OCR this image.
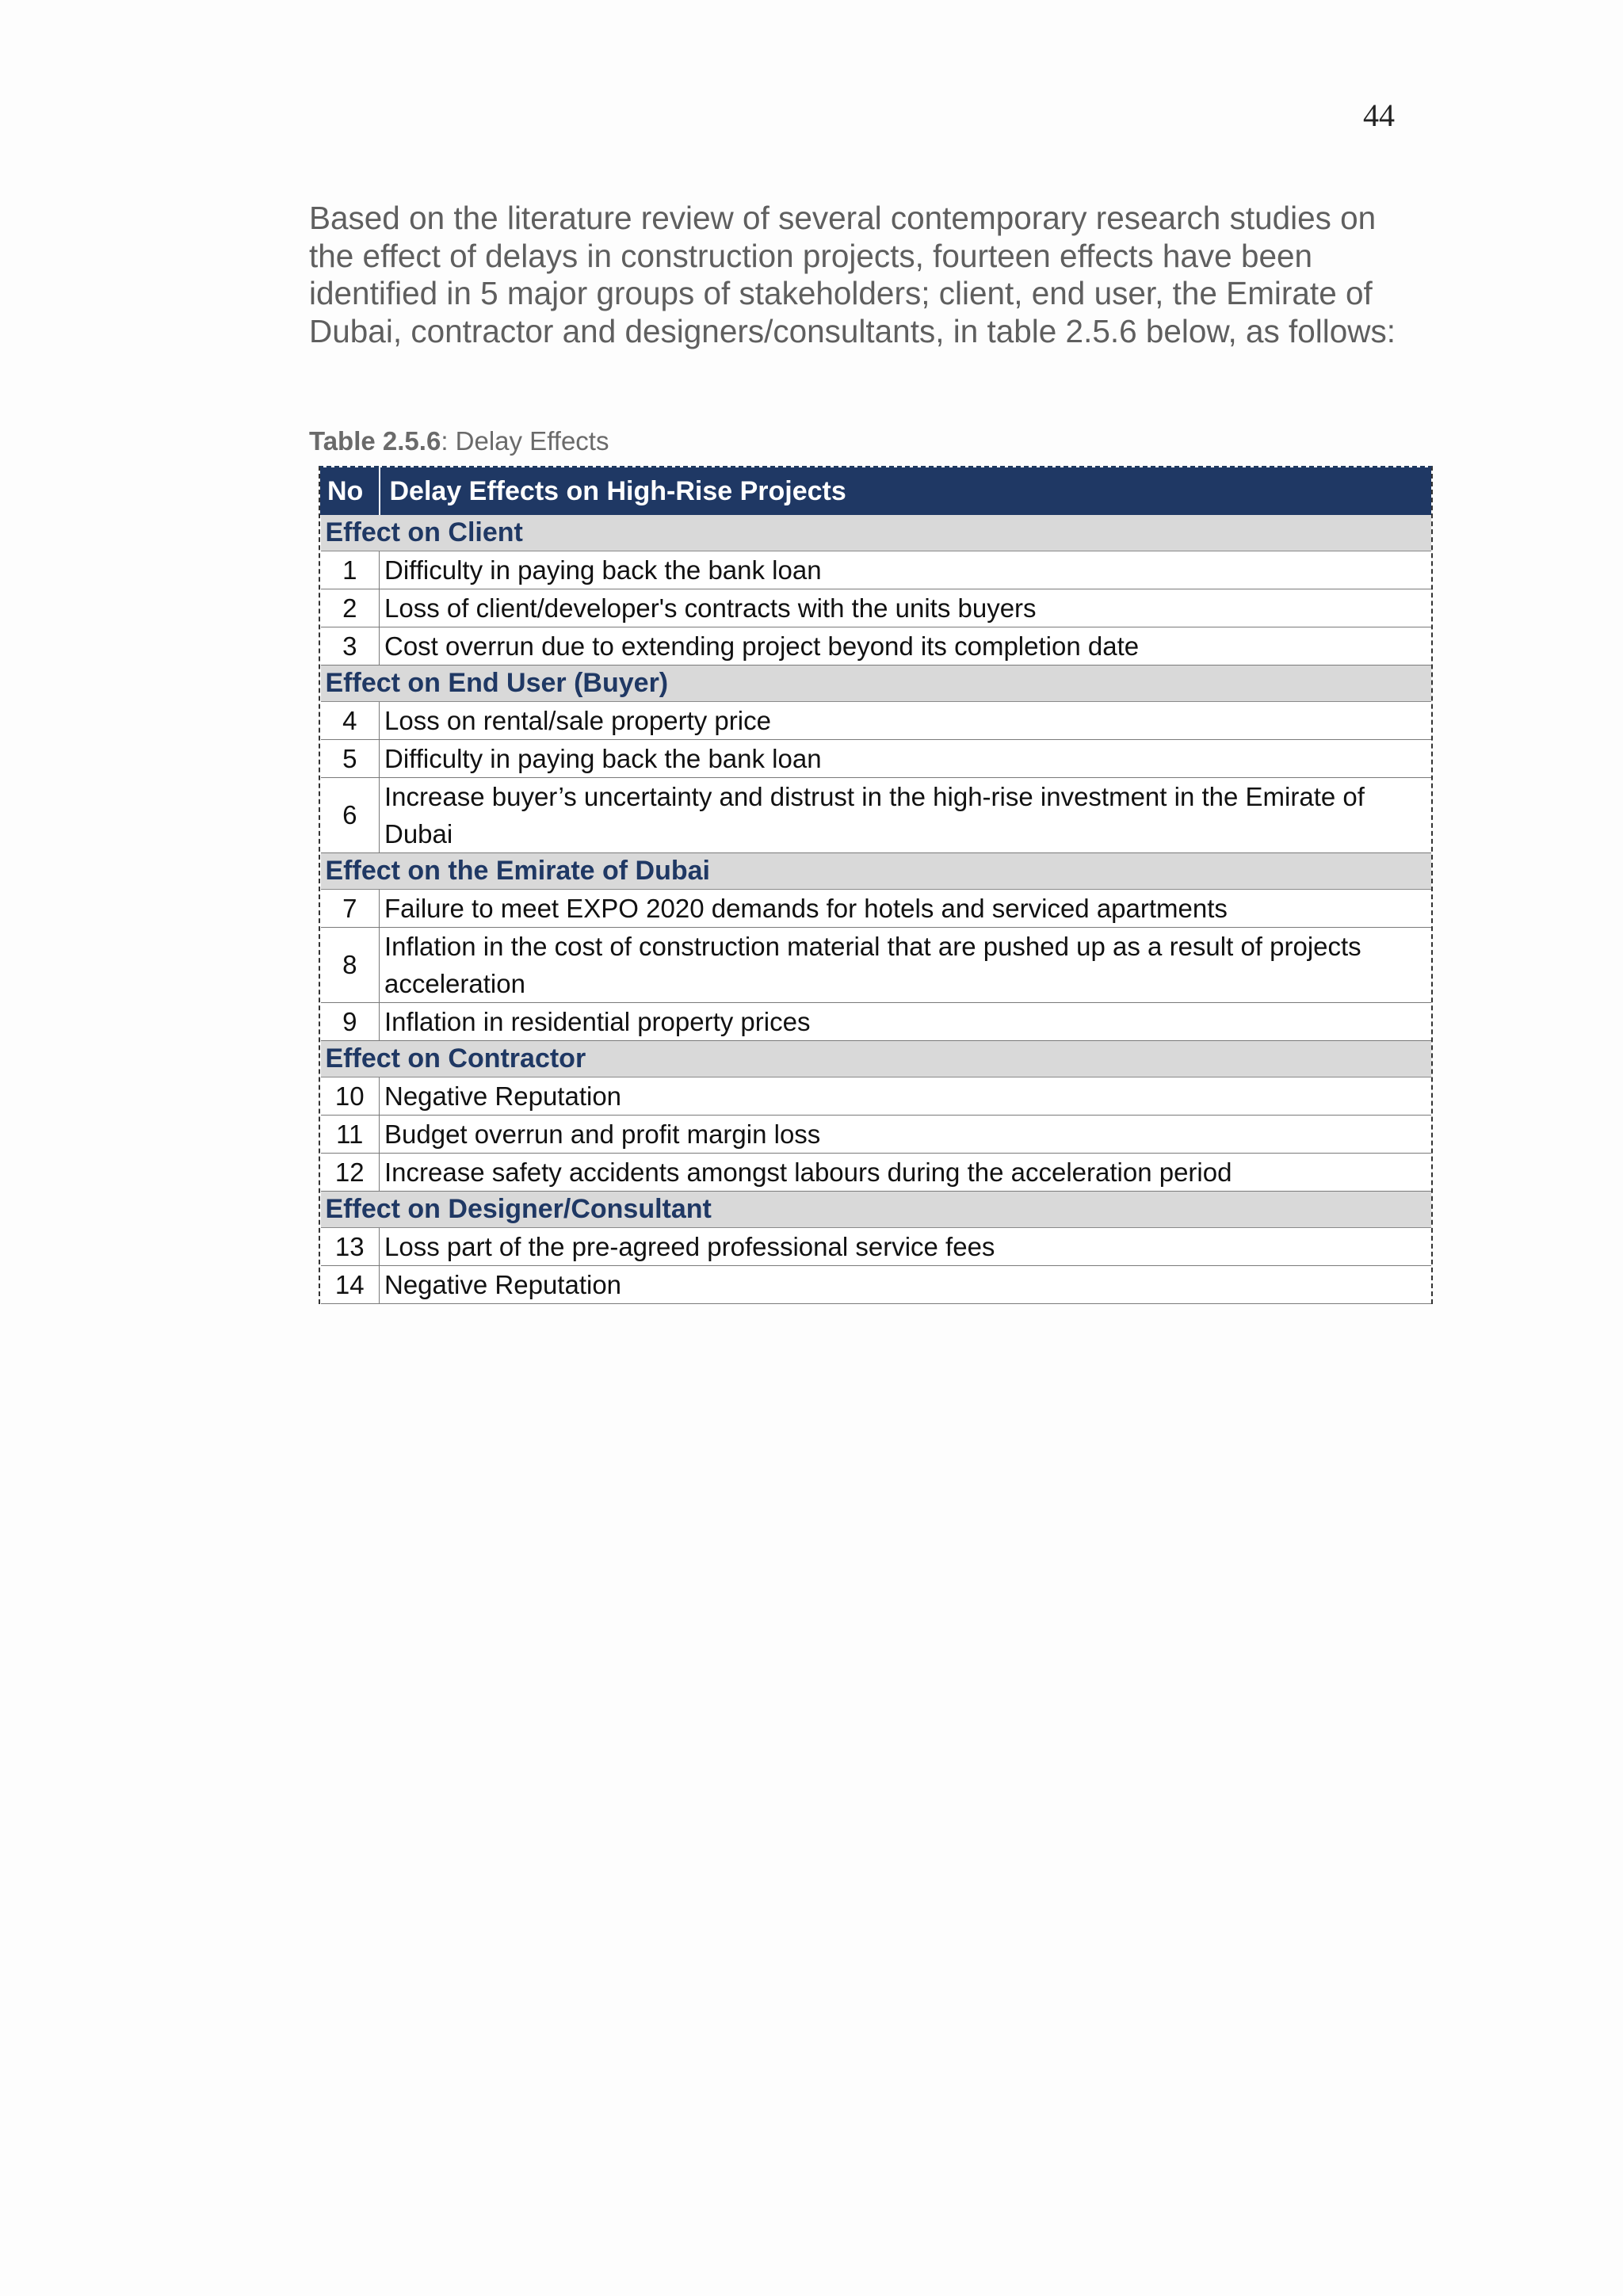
44

Based on the literature review of several contemporary research studies on the effect of delays in construction projects, fourteen effects have been identified in 5 major groups of stakeholders; client, end user, the Emirate of Dubai, contractor and designers/consultants, in table 2.5.6 below, as follows:

Table 2.5.6: Delay Effects

No	Delay Effects on High-Rise Projects
Effect on Client	
1	Difficulty in paying back the bank loan
2	Loss of client/developer's contracts with the units buyers
3	Cost overrun due to extending project beyond its completion date
Effect on End User (Buyer)	
4	Loss on rental/sale property price
5	Difficulty in paying back the bank loan
6	Increase buyer’s uncertainty and distrust in the high-rise investment in the Emirate of Dubai
Effect on the Emirate of Dubai	
7	Failure to meet EXPO 2020 demands for hotels and serviced apartments
8	Inflation in the cost of construction material that are pushed up as a result of projects acceleration
9	Inflation in residential property prices
Effect on Contractor	
10	Negative Reputation
11	Budget overrun and profit margin loss
12	Increase safety accidents amongst labours during the acceleration period
Effect on Designer/Consultant	
13	Loss part of the pre-agreed professional service fees
14	Negative Reputation
